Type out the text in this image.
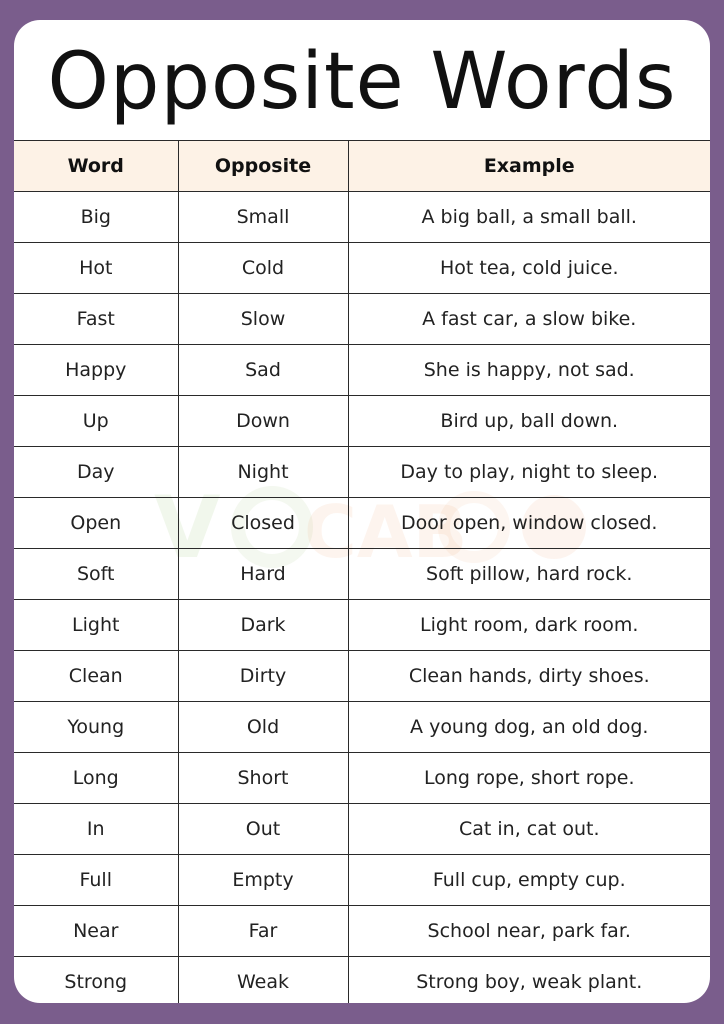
Opposite Words
V CAB
Word	Opposite	Example
Big	Small	A big ball, a small ball.
Hot	Cold	Hot tea, cold juice.
Fast	Slow	A fast car, a slow bike.
Happy	Sad	She is happy, not sad.
Up	Down	Bird up, ball down.
Day	Night	Day to play, night to sleep.
Open	Closed	Door open, window closed.
Soft	Hard	Soft pillow, hard rock.
Light	Dark	Light room, dark room.
Clean	Dirty	Clean hands, dirty shoes.
Young	Old	A young dog, an old dog.
Long	Short	Long rope, short rope.
In	Out	Cat in, cat out.
Full	Empty	Full cup, empty cup.
Near	Far	School near, park far.
Strong	Weak	Strong boy, weak plant.
